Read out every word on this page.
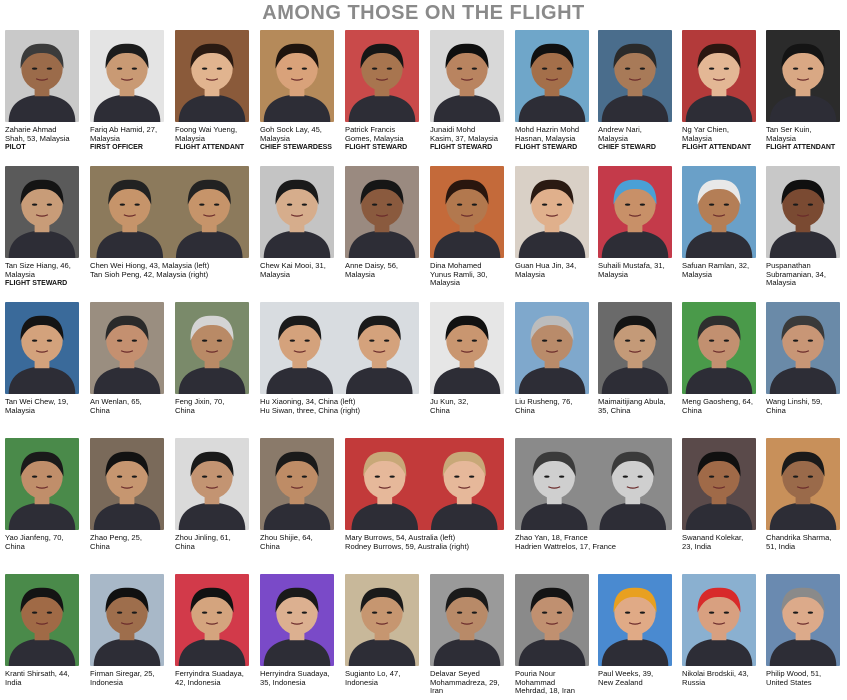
AMONG THOSE ON THE FLIGHT
Zaharie Ahmad
Shah, 53, Malaysia
PILOT
Fariq Ab Hamid, 27,
Malaysia
FIRST OFFICER
Foong Wai Yueng,
Malaysia
FLIGHT ATTENDANT
Goh Sock Lay, 45,
Malaysia
CHIEF STEWARDESS
Patrick Francis
Gomes, Malaysia
FLIGHT STEWARD
Junaidi Mohd
Kasim, 37, Malaysia
FLIGHT STEWARD
Mohd Hazrin Mohd
Hasnan, Malaysia
FLIGHT STEWARD
Andrew Nari,
Malaysia
CHIEF STEWARD
Ng Yar Chien,
Malaysia
FLIGHT ATTENDANT
Tan Ser Kuin,
Malaysia
FLIGHT ATTENDANT
Tan Size Hiang, 46,
Malaysia
FLIGHT STEWARD
Chen Wei Hiong, 43, Malaysia (left)
Tan Sioh Peng, 42, Malaysia (right)
Chew Kai Mooi, 31,
Malaysia
Anne Daisy, 56,
Malaysia
Dina Mohamed
Yunus Ramli, 30,
Malaysia
Guan Hua Jin, 34,
Malaysia
Suhaili Mustafa, 31,
Malaysia
Safuan Ramlan, 32,
Malaysia
Puspanathan
Subramanian, 34,
Malaysia
Tan Wei Chew, 19,
Malaysia
An Wenlan, 65,
China
Feng Jixin, 70,
China
Hu Xiaoning, 34, China (left)
Hu Siwan, three, China (right)
Ju Kun, 32,
China
Liu Rusheng, 76,
China
Maimaitijiang Abula,
35, China
Meng Gaosheng, 64,
China
Wang Linshi, 59,
China
Yao Jianfeng, 70,
China
Zhao Peng, 25,
China
Zhou Jinling, 61,
China
Zhou Shijie, 64,
China
Mary Burrows, 54, Australia (left)
Rodney Burrows, 59, Australia (right)
Zhao Yan, 18, France
Hadrien Wattrelos, 17, France
Swanand Kolekar,
23, India
Chandrika Sharma,
51, India
Kranti Shirsath, 44,
India
Firman Siregar, 25,
Indonesia
Ferryindra Suadaya,
42, Indonesia
Herryindra Suadaya,
35, Indonesia
Sugianto Lo, 47,
Indonesia
Delavar Seyed
Mohammadreza, 29,
Iran
Pouria Nour
Mohammad
Mehrdad, 18, Iran
Paul Weeks, 39,
New Zealand
Nikolai Brodskii, 43,
Russia
Philip Wood, 51,
United States
